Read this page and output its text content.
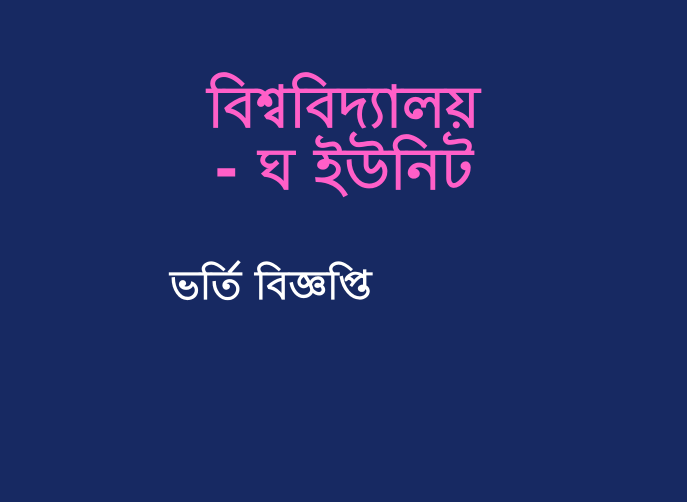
বিশ্ববিদ্যালয়
- ঘ ইউনিট
ভর্তি বিজ্ঞপ্তি
